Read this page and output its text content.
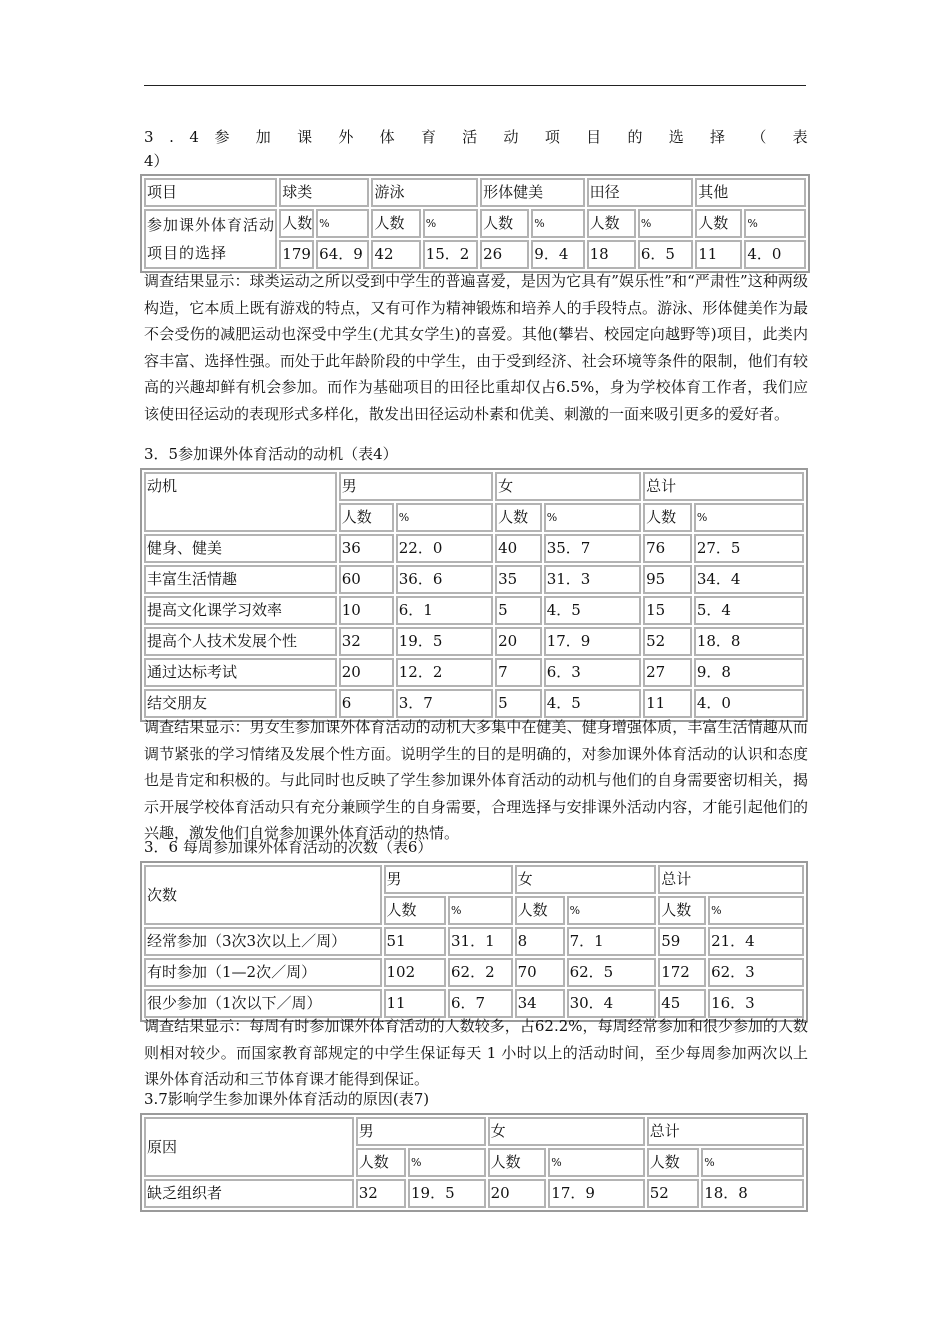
3 . 4 参 加 课 外 体 育 活 动 项 目 的 选 择 （ 表
4）
项目	球类		游泳		形体健美		田径		其他	
参加课外体育活动项目的选择	人数	%	人数	%	人数	%	人数	%	人数	%
	179	64．9	42	15．2	26	9．4	18	6．5	11	4．0

调查结果显示：球类运动之所以受到中学生的普遍喜爱，是因为它具有”娱乐性”和“严肃性”这种两级构造，它本质上既有游戏的特点，又有可作为精神锻炼和培养人的手段特点。游泳、形体健美作为最不会受伤的减肥运动也深受中学生(尤其女学生)的喜爱。其他(攀岩、校园定向越野等)项目，此类内容丰富、选择性强。而处于此年龄阶段的中学生，由于受到经济、社会环境等条件的限制，他们有较高的兴趣却鲜有机会参加。而作为基础项目的田径比重却仅占6.5%，身为学校体育工作者，我们应该使田径运动的表现形式多样化，散发出田径运动朴素和优美、刺激的一面来吸引更多的爱好者。

3．5参加课外体育活动的动机（表4）
动机	男		女		总计	
	人数	%	人数	%	人数	%
健身、健美	36	22．0	40	35．7	76	27．5
丰富生活情趣	60	36．6	35	31．3	95	34．4
提高文化课学习效率	10	6．1	5	4．5	15	5．4
提高个人技术发展个性	32	19．5	20	17．9	52	18．8
通过达标考试	20	12．2	7	6．3	27	9．8
结交朋友	6	3．7	5	4．5	11	4．0

调查结果显示：男女生参加课外体育活动的动机大多集中在健美、健身增强体质，丰富生活情趣从而调节紧张的学习情绪及发展个性方面。说明学生的目的是明确的，对参加课外体育活动的认识和态度也是肯定和积极的。与此同时也反映了学生参加课外体育活动的动机与他们的自身需要密切相关，揭示开展学校体育活动只有充分兼顾学生的自身需要，合理选择与安排课外活动内容，才能引起他们的兴趣，激发他们自觉参加课外体育活动的热情。

3．6 每周参加课外体育活动的次数（表6）
次数	男		女		总计	
	人数	%	人数	%	人数	%
经常参加（3次3次以上／周）	51	31．1	8	7．1	59	21．4
有时参加（1—2次／周）	102	62．2	70	62．5	172	62．3
很少参加（1次以下／周）	11	6．7	34	30．4	45	16．3

调查结果显示：每周有时参加课外体育活动的人数较多，占62.2%，每周经常参加和很少参加的人数则相对较少。而国家教育部规定的中学生保证每天 1 小时以上的活动时间，至少每周参加两次以上课外体育活动和三节体育课才能得到保证。

3.7影响学生参加课外体育活动的原因(表7)
原因	男		女		总计	
	人数	%	人数	%	人数	%
缺乏组织者	32	19．5	20	17．9	52	18．8
